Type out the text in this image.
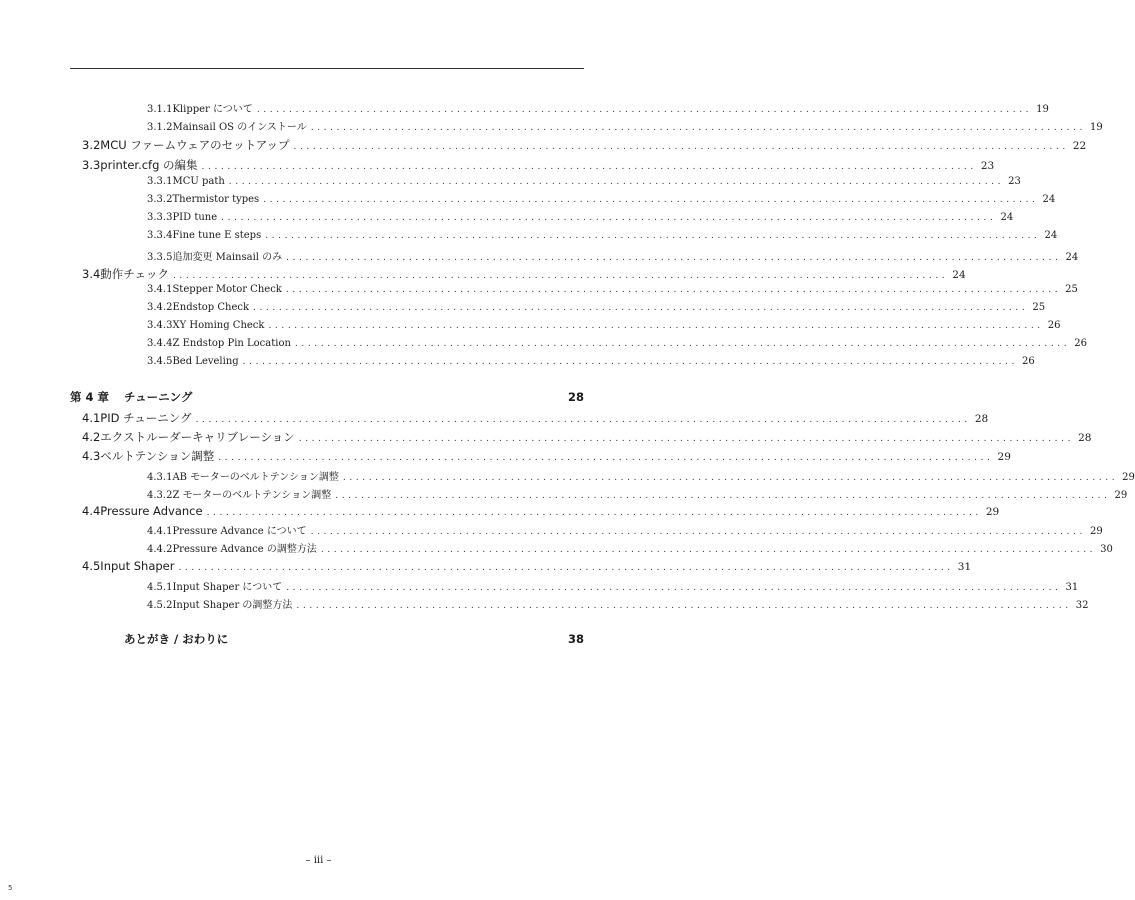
3.1.1 Klipper について ........................................................................................................................ 19
3.1.2 Mainsail OS のインストール ........................................................................................................................ 19
3.2 MCU ファームウェアのセットアップ ........................................................................................................................ 22
3.3 printer.cfg の編集 ........................................................................................................................ 23
3.3.1 MCU path ........................................................................................................................ 23
3.3.2 Thermistor types ........................................................................................................................ 24
3.3.3 PID tune ........................................................................................................................ 24
3.3.4 Fine tune E steps ........................................................................................................................ 24
3.3.5 追加変更 Mainsail のみ ........................................................................................................................ 24
3.4 動作チェック ........................................................................................................................ 24
3.4.1 Stepper Motor Check ........................................................................................................................ 25
3.4.2 Endstop Check ........................................................................................................................ 25
3.4.3 XY Homing Check ........................................................................................................................ 26
3.4.4 Z Endstop Pin Location ........................................................................................................................ 26
3.4.5 Bed Leveling ........................................................................................................................ 26
第 4 章	チューニング	28
4.1 PID チューニング ........................................................................................................................ 28
4.2 エクストルーダーキャリブレーション ........................................................................................................................ 28
4.3 ベルトテンション調整 ........................................................................................................................ 29
4.3.1 AB モーターのベルトテンション調整 ........................................................................................................................ 29
4.3.2 Z モーターのベルトテンション調整 ........................................................................................................................ 29
4.4 Pressure Advance ........................................................................................................................ 29
4.4.1 Pressure Advance について ........................................................................................................................ 29
4.4.2 Pressure Advance の調整方法 ........................................................................................................................ 30
4.5 Input Shaper ........................................................................................................................ 31
4.5.1 Input Shaper について ........................................................................................................................ 31
4.5.2 Input Shaper の調整方法 ........................................................................................................................ 32
あとがき / おわりに	38
– iii –
5
